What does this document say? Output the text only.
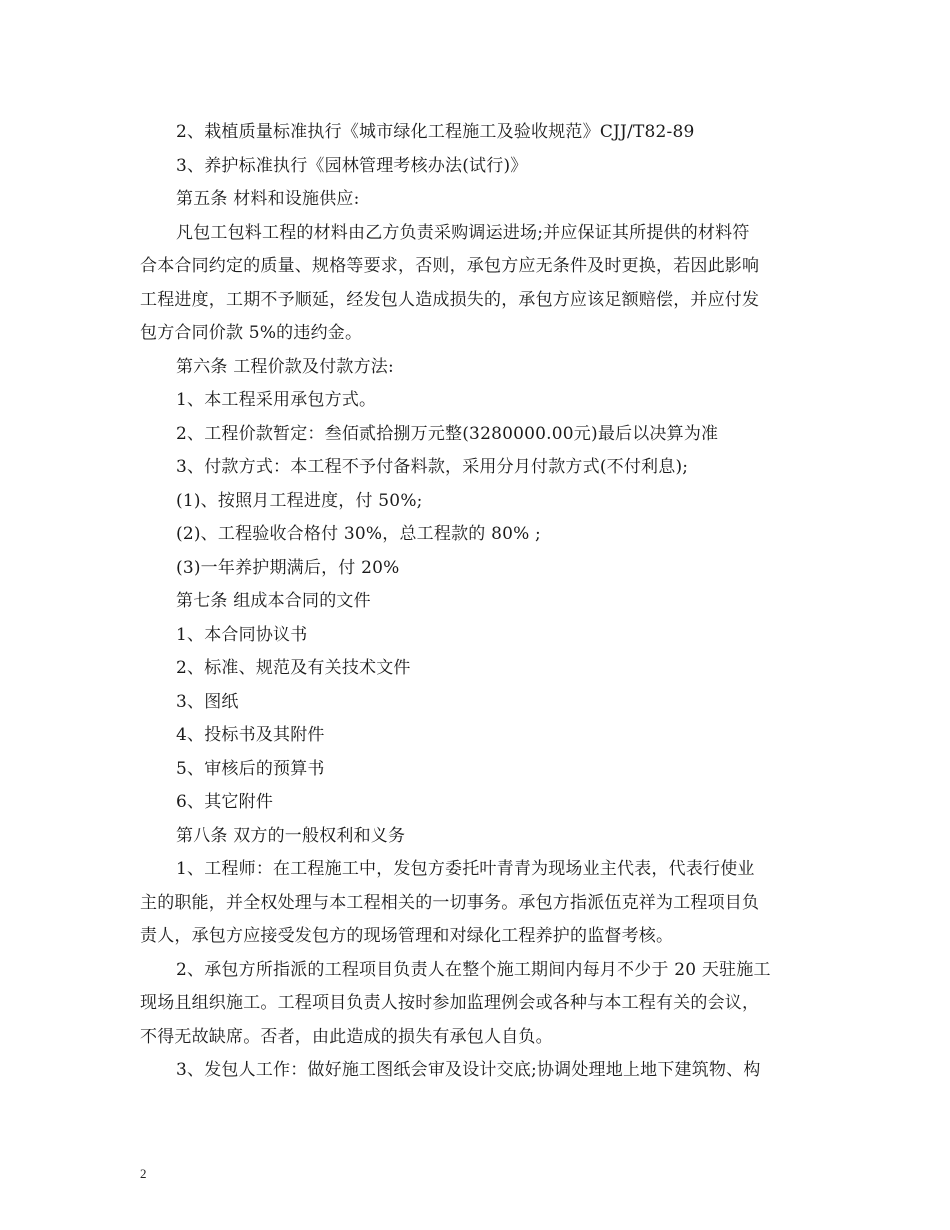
2、栽植质量标准执行《城市绿化工程施工及验收规范》CJJ/T82-89
3、养护标准执行《园林管理考核办法(试行)》
第五条 材料和设施供应:
凡包工包料工程的材料由乙方负责采购调运进场;并应保证其所提供的材料符
合本合同约定的质量、规格等要求，否则，承包方应无条件及时更换，若因此影响
工程进度，工期不予顺延，经发包人造成损失的，承包方应该足额赔偿，并应付发
包方合同价款 5%的违约金。
第六条 工程价款及付款方法:
1、本工程采用承包方式。
2、工程价款暂定：叁佰贰拾捌万元整(3280000.00元)最后以决算为准
3、付款方式：本工程不予付备料款，采用分月付款方式(不付利息);
(1)、按照月工程进度，付 50%;
(2)、工程验收合格付 30%，总工程款的 80% ;
(3)一年养护期满后，付 20%
第七条 组成本合同的文件
1、本合同协议书
2、标准、规范及有关技术文件
3、图纸
4、投标书及其附件
5、审核后的预算书
6、其它附件
第八条 双方的一般权利和义务
1、工程师：在工程施工中，发包方委托叶青青为现场业主代表，代表行使业
主的职能，并全权处理与本工程相关的一切事务。承包方指派伍克祥为工程项目负
责人，承包方应接受发包方的现场管理和对绿化工程养护的监督考核。
2、承包方所指派的工程项目负责人在整个施工期间内每月不少于 20 天驻施工
现场且组织施工。工程项目负责人按时参加监理例会或各种与本工程有关的会议，
不得无故缺席。否者，由此造成的损失有承包人自负。
3、发包人工作：做好施工图纸会审及设计交底;协调处理地上地下建筑物、构
2
